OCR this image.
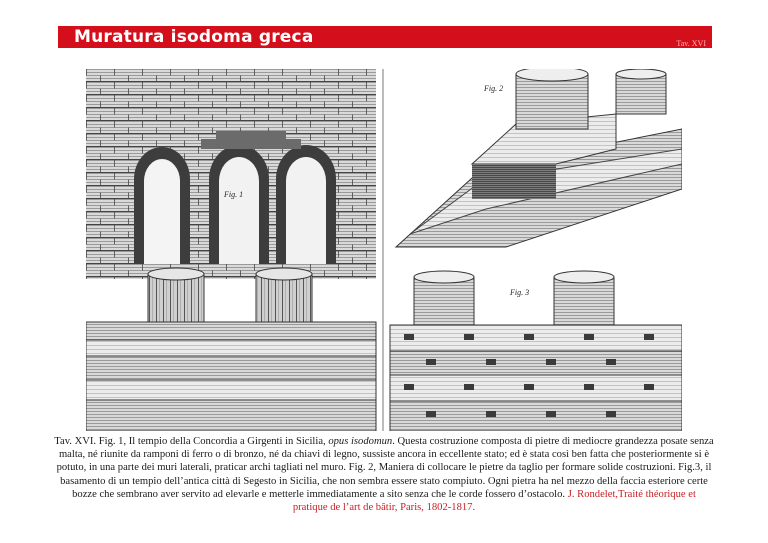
Muratura isodoma greca	Tav. XVI
Fig. 1
Fig. 2
Fig. 3
Tav. XVI. Fig. 1, Il tempio della Concordia a Girgenti in Sicilia, opus isodomun. Questa costruzione composta di pietre di mediocre grandezza posate senza malta, né riunite da ramponi di ferro o di bronzo, né da chiavi di legno, sussiste ancora in eccellente stato; ed è stata così ben fatta che posteriormente si è potuto, in una parte dei muri laterali, praticar archi tagliati nel muro. Fig. 2, Maniera di collocare le pietre da taglio per formare solide costruzioni. Fig.3, il basamento di un tempio dell’antica città di Segesto in Sicilia, che non sembra essere stato compiuto. Ogni pietra ha nel mezzo della faccia esteriore certe bozze che sembrano aver servito ad elevarle e metterle immediatamente a sito senza che le corde fossero d’ostacolo. J. Rondelet,Traité théorique et pratique de l’art de bâtir, Paris, 1802-1817.
